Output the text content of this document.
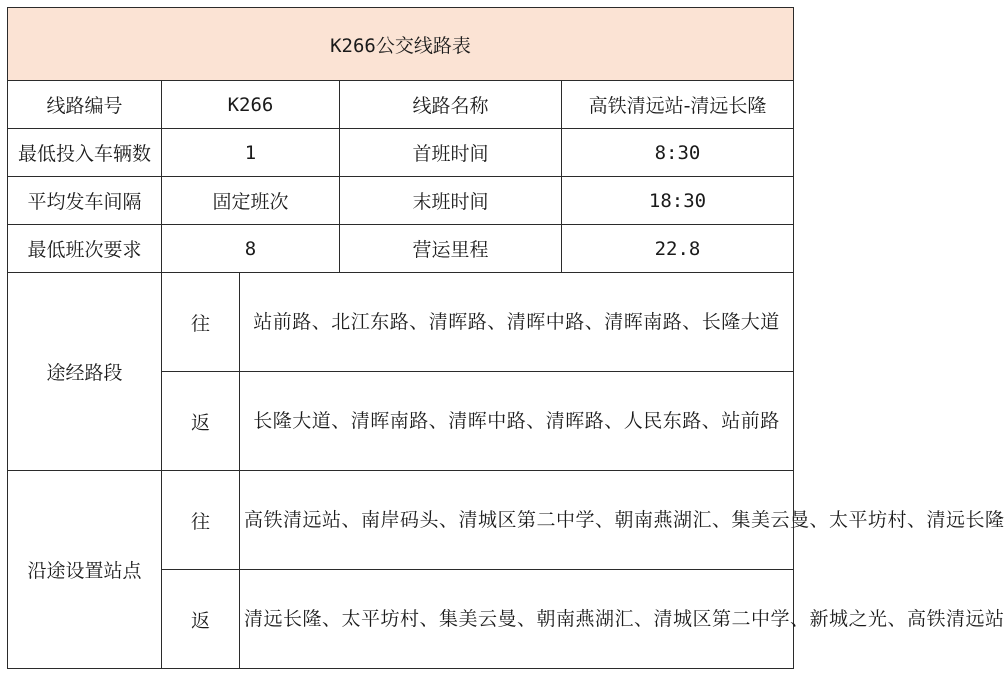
K266公交线路表				
线路编号	K266		线路名称	高铁清远站-清远长隆
最低投入车辆数	1		首班时间	8:30
平均发车间隔	固定班次		末班时间	18:30
最低班次要求	8		营运里程	22.8
途经路段	往	站前路、北江东路、清晖路、清晖中路、清晖南路、长隆大道		
	返	长隆大道、清晖南路、清晖中路、清晖路、人民东路、站前路		
沿途设置站点	往	高铁清远站、南岸码头、清城区第二中学、朝南燕湖汇、集美云曼、太平坊村、清远长隆		
	返	清远长隆、太平坊村、集美云曼、朝南燕湖汇、清城区第二中学、新城之光、高铁清远站		
